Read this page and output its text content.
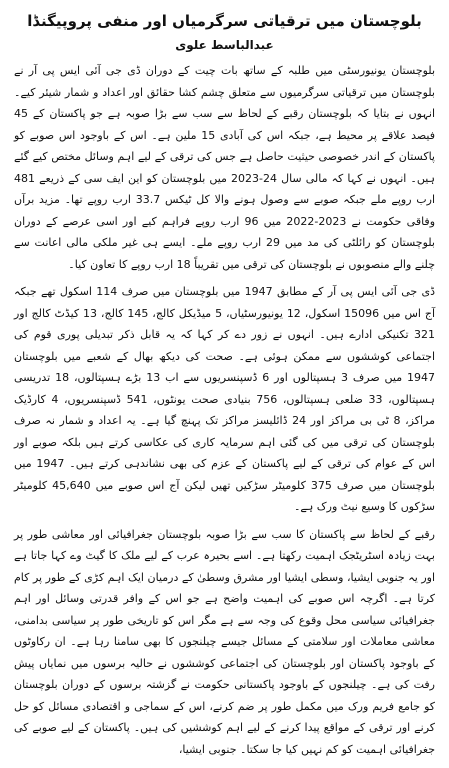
بلوچستان میں ترقیاتی سرگرمیاں اور منفی پروپیگنڈا
عبدالباسط علوی

بلوچستان یونیورسٹی میں طلبہ کے ساتھ بات چیت کے دوران ڈی جی آئی ایس پی آر نے بلوچستان میں ترقیاتی سرگرمیوں سے متعلق چشم کشا حقائق اور اعداد و شمار شیئر کیے۔ انہوں نے بتایا کہ بلوچستان رقبے کے لحاظ سے سب سے بڑا صوبہ ہے جو پاکستان کے 45 فیصد علاقے پر محیط ہے، جبکہ اس کی آبادی 15 ملین ہے۔ اس کے باوجود اس صوبے کو پاکستان کے اندر خصوصی حیثیت حاصل ہے جس کی ترقی کے لیے اہم وسائل مختص کیے گئے ہیں۔ انہوں نے کہا کہ مالی سال 24-2023 میں بلوچستان کو این ایف سی کے ذریعے 481 ارب روپے ملے جبکہ صوبے سے وصول ہونے والا کل ٹیکس 33.7 ارب روپے تھا۔ مزید برآں وفاقی حکومت نے 2023-2022 میں 96 ارب روپے فراہم کیے اور اسی عرصے کے دوران بلوچستان کو رائلٹی کی مد میں 29 ارب روپے ملے۔ ایسے ہی غیر ملکی مالی اعانت سے چلنے والے منصوبوں نے بلوچستان کی ترقی میں تقریباً 18 ارب روپے کا تعاون کیا۔

ڈی جی آئی ایس پی آر کے مطابق 1947 میں بلوچستان میں صرف 114 اسکول تھے جبکہ آج اس میں 15096 اسکول، 12 یونیورسٹیاں، 5 میڈیکل کالج، 145 کالج، 13 کیڈٹ کالج اور 321 تکنیکی ادارے ہیں۔ انہوں نے زور دے کر کہا کہ یہ قابل ذکر تبدیلی پوری قوم کی اجتماعی کوششوں سے ممکن ہوئی ہے۔ صحت کی دیکھ بھال کے شعبے میں بلوچستان 1947 میں صرف 3 ہسپتالوں اور 6 ڈسپنسریوں سے اب 13 بڑے ہسپتالوں، 18 تدریسی ہسپتالوں، 33 ضلعی ہسپتالوں، 756 بنیادی صحت یونٹوں، 541 ڈسپنسریوں، 4 کارڈیک مراکز، 8 ٹی بی مراکز اور 24 ڈائلیسز مراکز تک پہنچ گیا ہے۔ یہ اعداد و شمار نہ صرف بلوچستان کی ترقی میں کی گئی اہم سرمایہ کاری کی عکاسی کرتے ہیں بلکہ صوبے اور اس کے عوام کی ترقی کے لیے پاکستان کے عزم کی بھی نشاندہی کرتے ہیں۔ 1947 میں بلوچستان میں صرف 375 کلومیٹر سڑکیں تھیں لیکن آج اس صوبے میں 45,640 کلومیٹر سڑکوں کا وسیع نیٹ ورک ہے۔

رقبے کے لحاظ سے پاکستان کا سب سے بڑا صوبہ بلوچستان جغرافیائی اور معاشی طور پر بہت زیادہ اسٹریٹجک اہمیت رکھتا ہے۔ اسے بحیرہ عرب کے لیے ملک کا گیٹ وے کہا جاتا ہے اور یہ جنوبی ایشیا، وسطی ایشیا اور مشرق وسطیٰ کے درمیان ایک اہم کڑی کے طور پر کام کرتا ہے۔ اگرچہ اس صوبے کی اہمیت واضح ہے جو اس کے وافر قدرتی وسائل اور اہم جغرافیائی سیاسی محل وقوع کی وجہ سے ہے مگر اس کو تاریخی طور پر سیاسی بدامنی، معاشی معاملات اور سلامتی کے مسائل جیسے چیلنجوں کا بھی سامنا رہا ہے۔ ان رکاوٹوں کے باوجود پاکستان اور بلوچستان کی اجتماعی کوششوں نے حالیہ برسوں میں نمایاں پیش رفت کی ہے۔ چیلنجوں کے باوجود پاکستانی حکومت نے گزشتہ برسوں کے دوران بلوچستان کو جامع فریم ورک میں مکمل طور پر ضم کرنے، اس کے سماجی و اقتصادی مسائل کو حل کرنے اور ترقی کے مواقع پیدا کرنے کے لیے اہم کوششیں کی ہیں۔ پاکستان کے لیے صوبے کی جغرافیائی اہمیت کو کم نہیں کیا جا سکتا۔ جنوبی ایشیا،
